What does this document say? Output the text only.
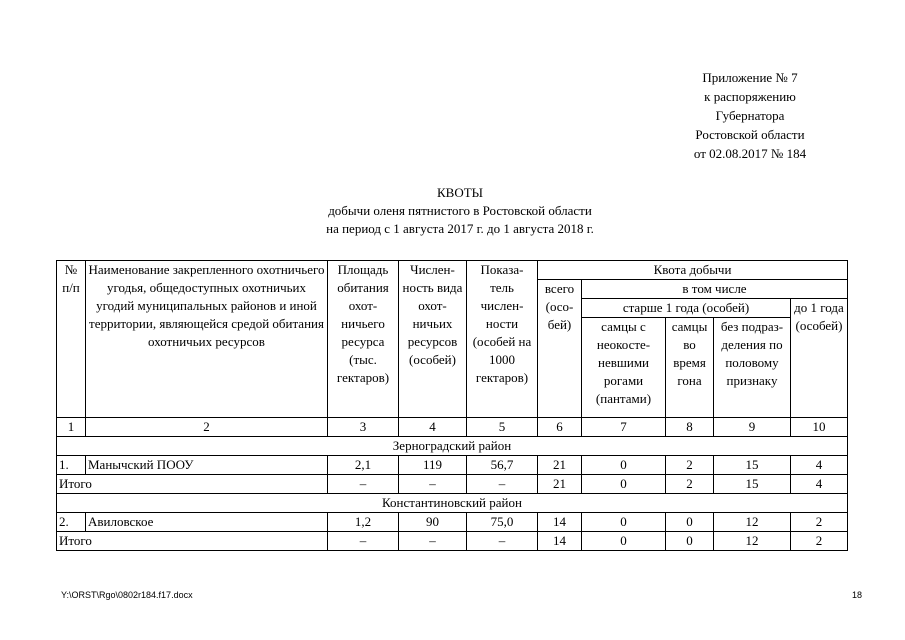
Приложение № 7
к распоряжению
Губернатора
Ростовской области
от 02.08.2017 № 184
КВОТЫ
добычи оленя пятнистого в Ростовской области
на период с 1 августа 2017 г. до 1 августа 2018 г.
№ п/п	Наименование закрепленного охотничьего угодья, общедоступных охотничьих угодий муниципальных районов и иной территории, являющейся средой обитания охотничьих ресурсов	Площадь обитания охот-ничьего ресурса (тыс. гектаров)	Числен-ность вида охот-ничьих ресурсов (особей)	Показа-тель числен-ности (особей на 1000 гектаров)	Квота добычи				
					всего (осо-бей)	в том числе			
						старше 1 года (особей)			до 1 года (особей)
						самцы с неокосте-невшими рогами (пантами)	самцы во время гона	без подраз-деления по половому признаку	

1	2	3	4	5	6	7	8	9	10
Зерноградский район									
1.	Манычский ПООУ	2,1	119	56,7	21	0	2	15	4
Итого		–	–	–	21	0	2	15	4
Константиновский район									
2.	Авиловское	1,2	90	75,0	14	0	0	12	2
Итого		–	–	–	14	0	0	12	2
Y:\ORST\Rgo\0802r184.f17.docx	18
